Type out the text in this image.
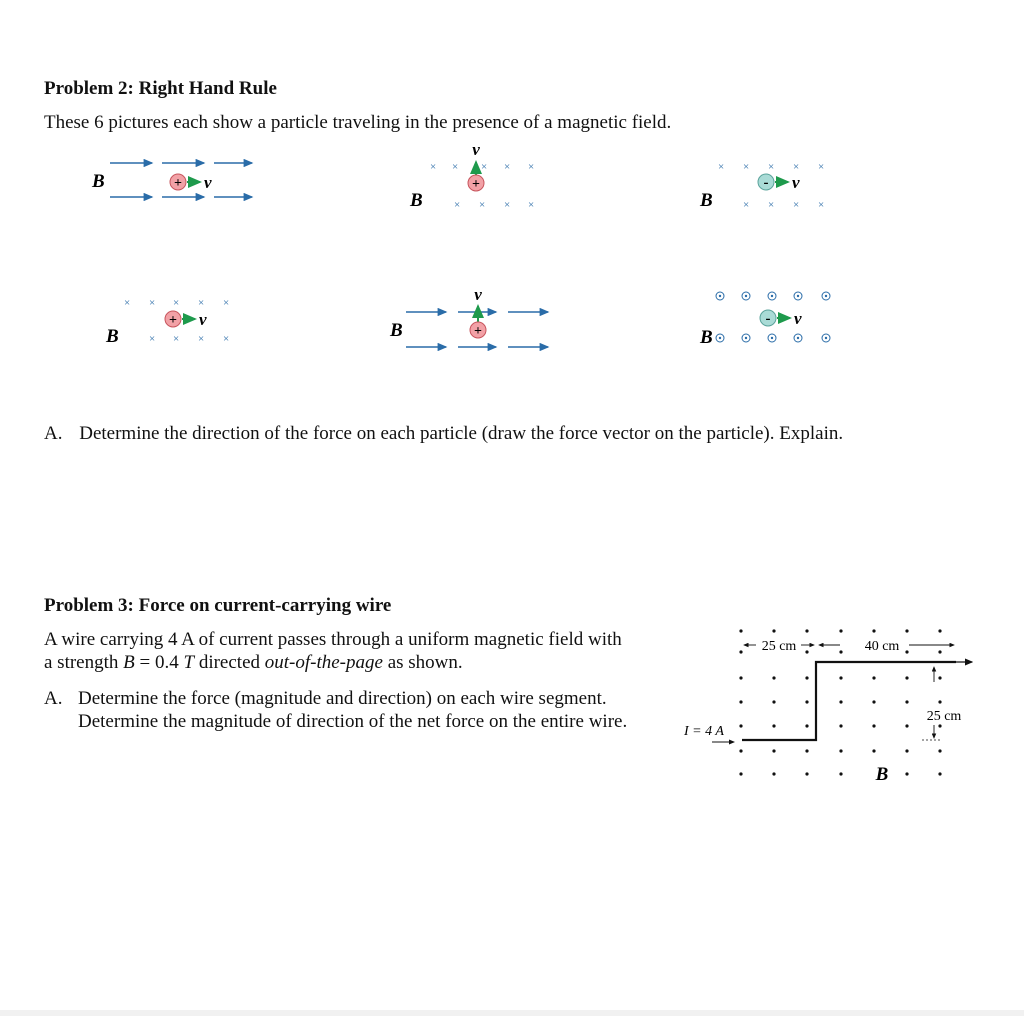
Problem 2: Right Hand Rule
These 6 pictures each show a particle traveling in the presence of a magnetic field.
B	+ v
v
× × × × ×
× × × ×
+
B
× × × × ×
× × × ×
- v
B
× × × × ×
× × × ×
+ v
B
v
+
B
- v
B
A. Determine the direction of the force on each particle (draw the force vector on the particle). Explain.
Problem 3: Force on current-carrying wire
A wire carrying 4 A of current passes through a uniform magnetic field with
a strength B = 0.4 T directed out-of-the-page as shown.
A. Determine the force (magnitude and direction) on each wire segment.
Determine the magnitude of direction of the net force on the entire wire.
25 cm	40 cm
25 cm
I = 4 A
B
